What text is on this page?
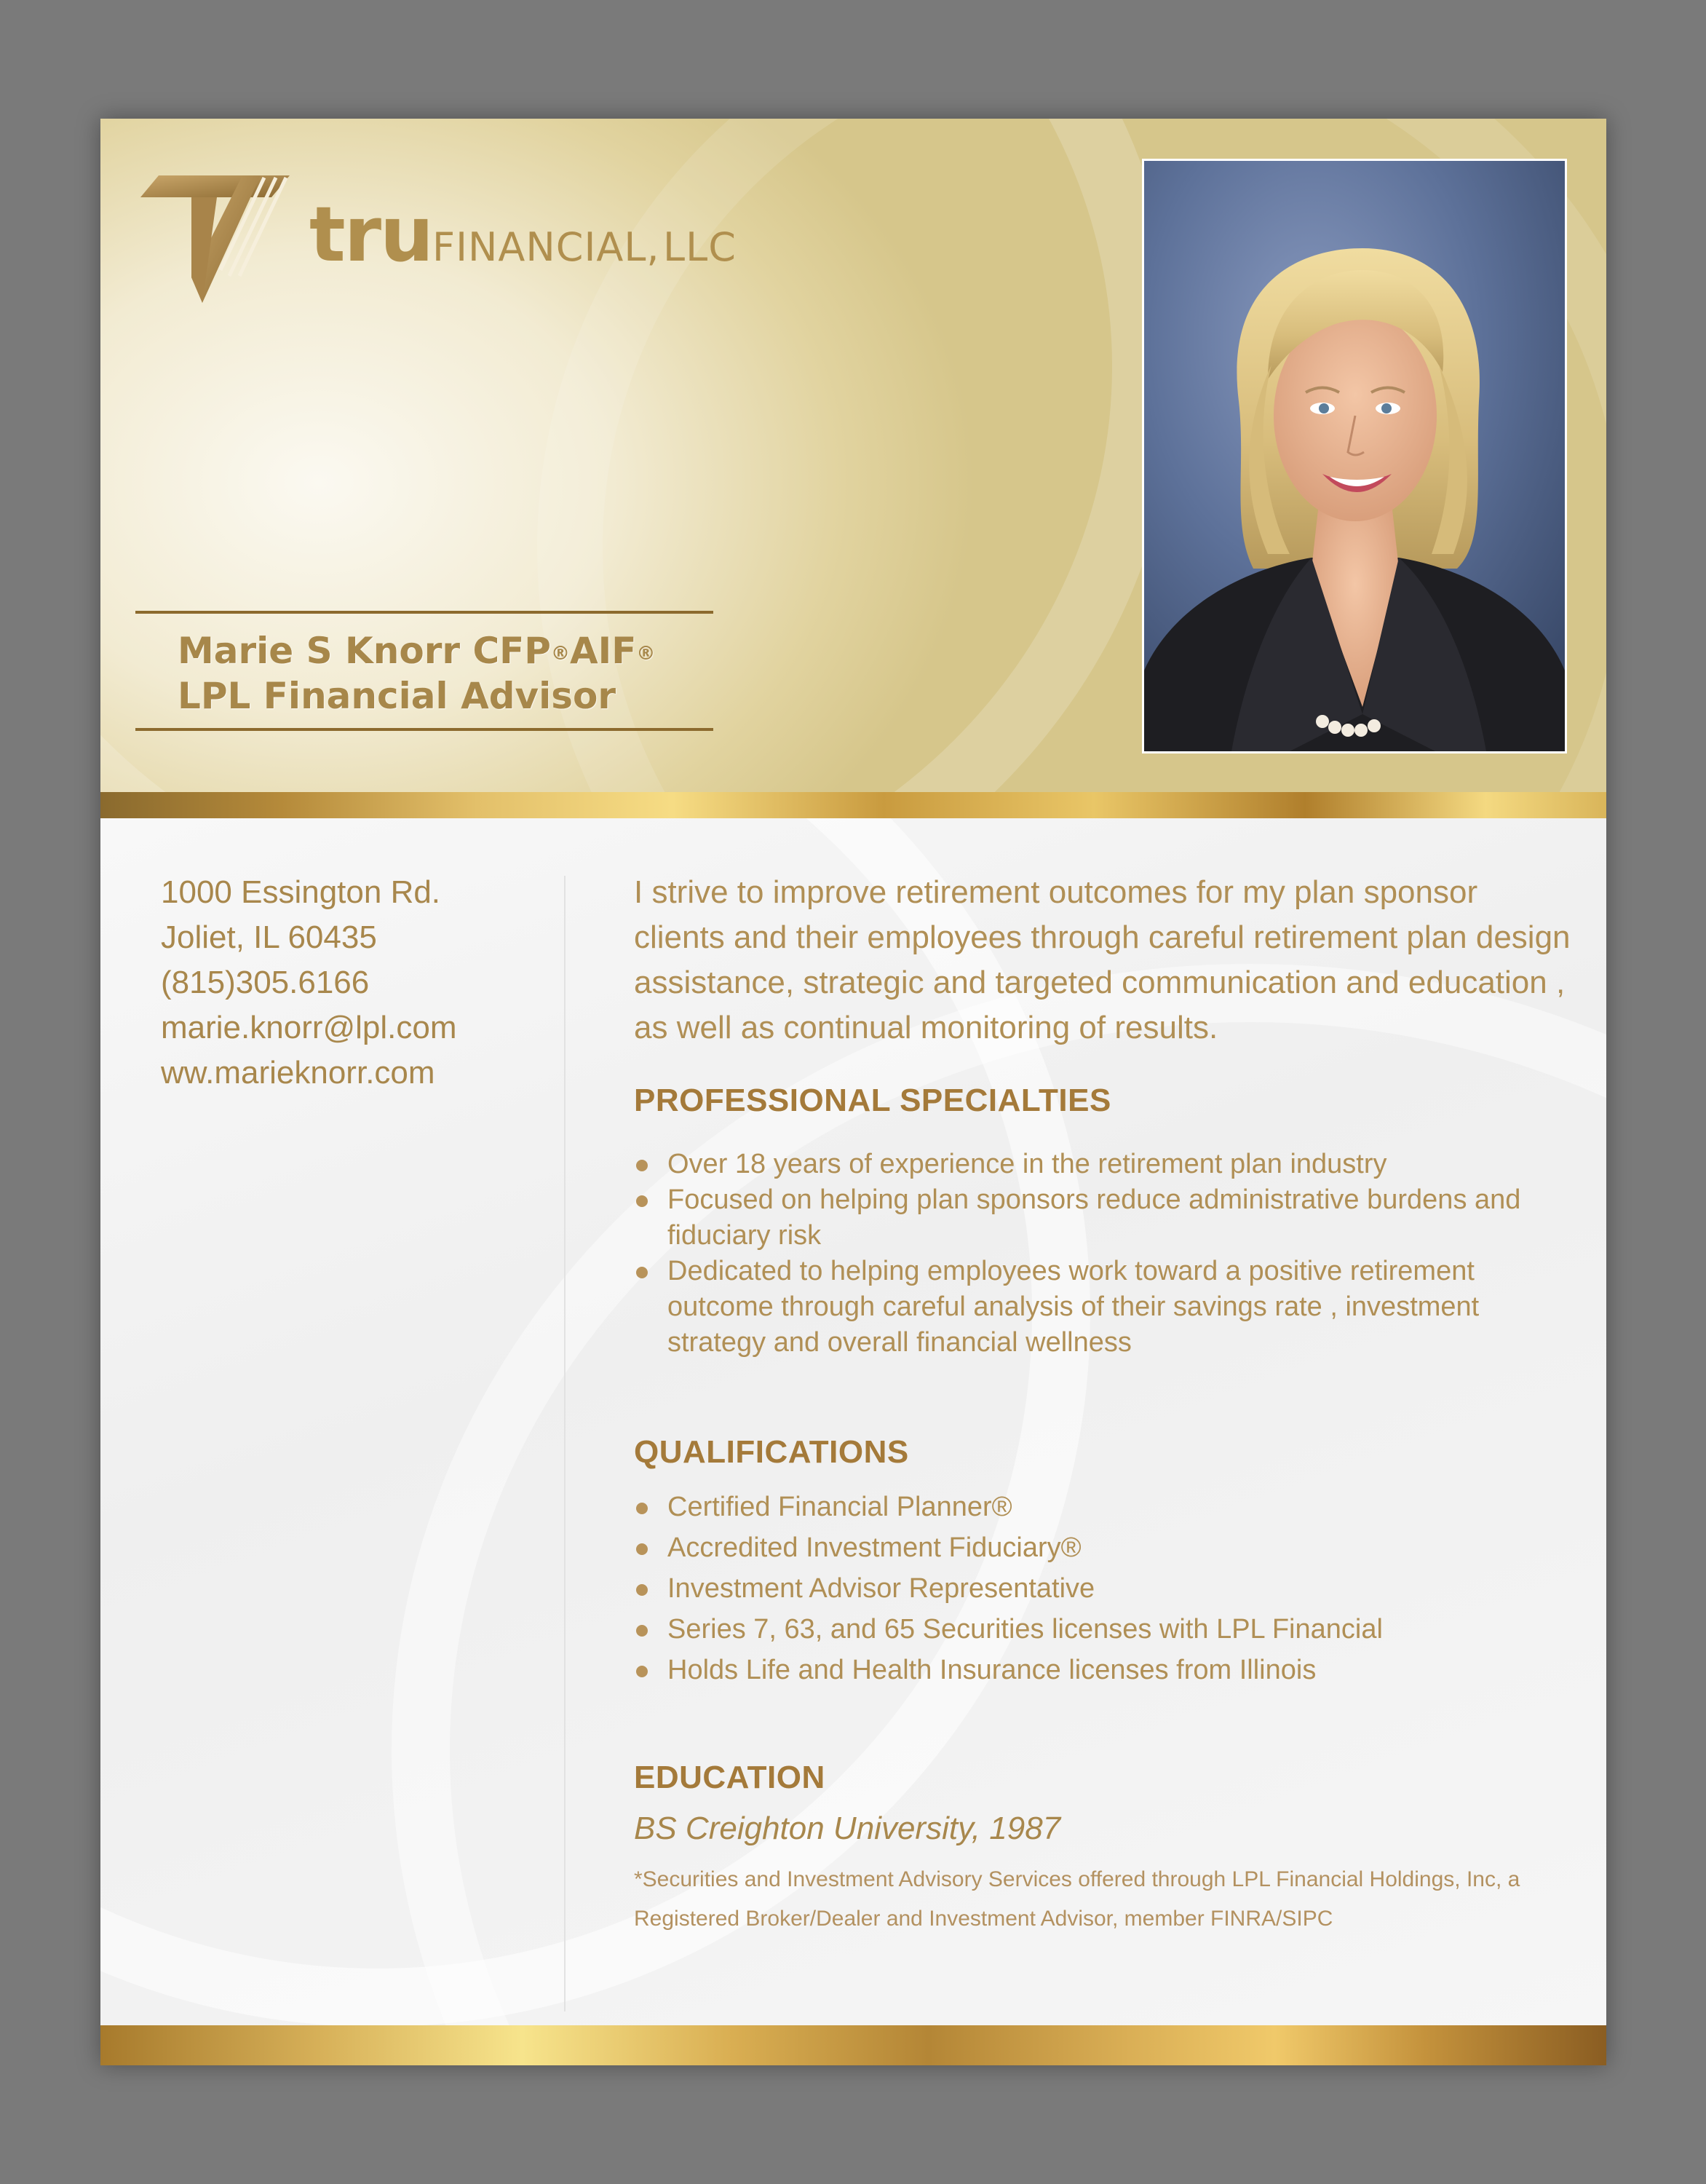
truFINANCIAL, LLC
Marie S Knorr CFP®AIF®
LPL Financial Advisor
1000 Essington Rd.
Joliet, IL 60435
(815)305.6166
marie.knorr@lpl.com
ww.marieknorr.com

I strive to improve retirement outcomes for my plan sponsor clients and their employees through careful retirement plan design assistance, strategic and targeted communication and education , as well as continual monitoring of results.

PROFESSIONAL SPECIALTIES
Over 18 years of experience in the retirement plan industry
Focused on helping plan sponsors reduce administrative burdens and fiduciary risk
Dedicated to helping employees work toward a positive retirement outcome through careful analysis of their savings rate , investment strategy and overall financial wellness
QUALIFICATIONS
Certified Financial Planner®
Accredited Investment Fiduciary®
Investment Advisor Representative
Series 7, 63, and 65 Securities licenses with LPL Financial
Holds Life and Health Insurance licenses from Illinois
EDUCATION
BS Creighton University, 1987
*Securities and Investment Advisory Services offered through LPL Financial Holdings, Inc, a Registered Broker/Dealer and Investment Advisor, member FINRA/SIPC
